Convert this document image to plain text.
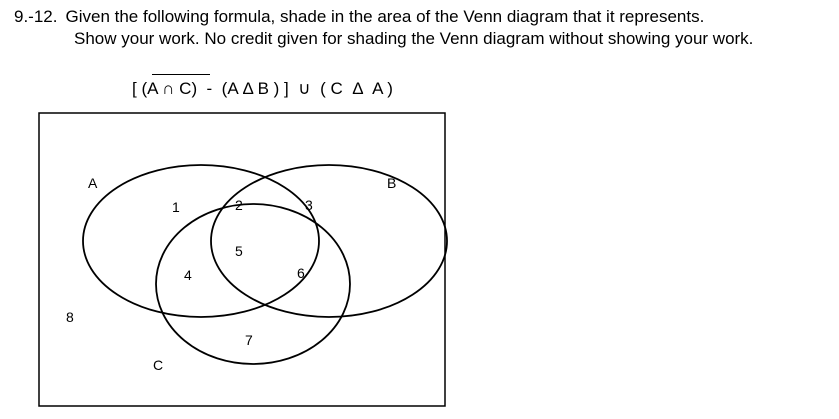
9.-12. Given the following formula, shade in the area of the Venn diagram that it represents.
Show your work. No credit given for shading the Venn diagram without showing your work.
[ (A ∩ C)  -  (A Δ B ) ]  ∪  ( C  Δ  A )
A	B
C
1	2	3
4
5
6
7
8
